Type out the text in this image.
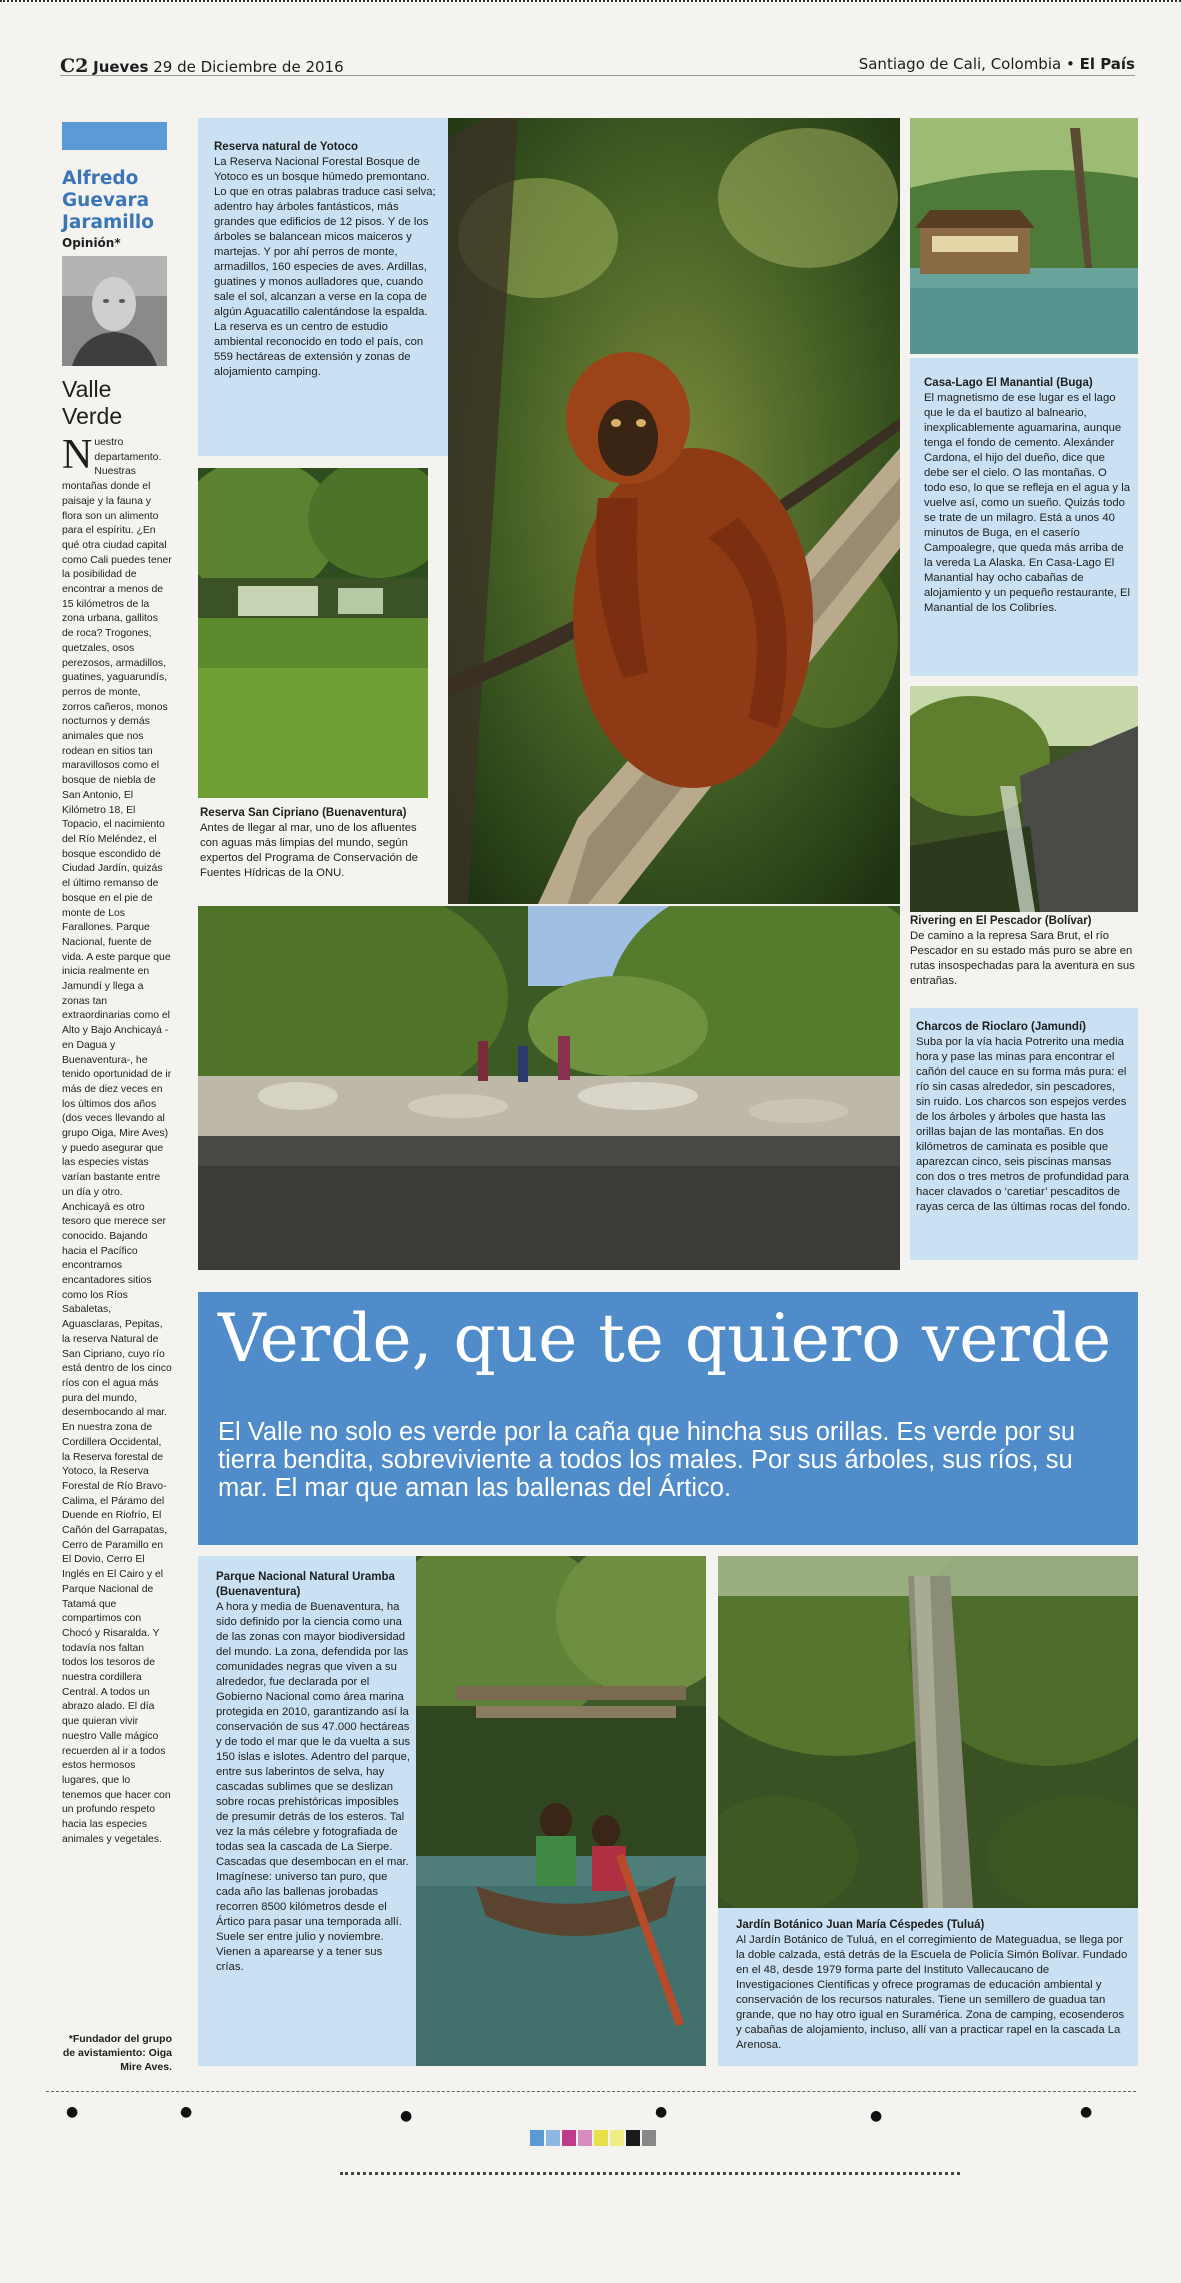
C2 Jueves 29 de Diciembre de 2016	Santiago de Cali, Colombia • El País
Alfredo Guevara Jaramillo
Opinión*
Valle Verde
Nuestro departamento. Nuestras montañas donde el paisaje y la fauna y flora son un alimento para el espíritu. ¿En qué otra ciudad capital como Cali puedes tener la posibilidad de encontrar a menos de 15 kilómetros de la zona urbana, gallitos de roca? Trogones, quetzales, osos perezosos, armadillos, guatines, yaguarundís, perros de monte, zorros cañeros, monos nocturnos y demás animales que nos rodean en sitios tan maravillosos como el bosque de niebla de San Antonio, El Kilómetro 18, El Topacio, el nacimiento del Río Meléndez, el bosque escondido de Ciudad Jardín, quizás el último remanso de bosque en el pie de monte de Los Farallones. Parque Nacional, fuente de vida. A este parque que inicia realmente en Jamundí y llega a zonas tan extraordinarias como el Alto y Bajo Anchicayá -en Dagua y Buenaventura-, he tenido oportunidad de ir más de diez veces en los últimos dos años (dos veces llevando al grupo Oiga, Mire Aves) y puedo asegurar que las especies vistas varían bastante entre un día y otro. Anchicayá es otro tesoro que merece ser conocido. Bajando hacia el Pacífico encontramos encantadores sitios como los Ríos Sabaletas, Aguasclaras, Pepitas, la reserva Natural de San Cipriano, cuyo río está dentro de los cinco ríos con el agua más pura del mundo, desembocando al mar. En nuestra zona de Cordillera Occidental, la Reserva forestal de Yotoco, la Reserva Forestal de Río Bravo- Calima, el Páramo del Duende en Riofrío, El Cañón del Garrapatas, Cerro de Paramillo en El Dovio, Cerro El Inglés en El Cairo y el Parque Nacional de Tatamá que compartimos con Chocó y Risaralda. Y todavía nos faltan todos los tesoros de nuestra cordillera Central. A todos un abrazo alado. El día que quieran vivir nuestro Valle mágico recuerden al ir a todos estos hermosos lugares, que lo tenemos que hacer con un profundo respeto hacia las especies animales y vegetales.
*Fundador del grupo de avistamiento: Oiga Mire Aves.
Reserva natural de Yotoco
La Reserva Nacional Forestal Bosque de Yotoco es un bosque húmedo premontano. Lo que en otras palabras traduce casi selva; adentro hay árboles fantásticos, más grandes que edificios de 12 pisos. Y de los árboles se balancean micos maiceros y martejas. Y por ahí perros de monte, armadillos, 160 especies de aves. Ardillas, guatines y monos aulladores que, cuando sale el sol, alcanzan a verse en la copa de algún Aguacatillo calentándose la espalda. La reserva es un centro de estudio ambiental reconocido en todo el país, con 559 hectáreas de extensión y zonas de alojamiento camping.
Casa-Lago El Manantial (Buga)
El magnetismo de ese lugar es el lago que le da el bautizo al balneario, inexplicablemente aguamarina, aunque tenga el fondo de cemento. Alexánder Cardona, el hijo del dueño, dice que debe ser el cielo. O las montañas. O todo eso, lo que se refleja en el agua y la vuelve así, como un sueño. Quizás todo se trate de un milagro. Está a unos 40 minutos de Buga, en el caserío Campoalegre, que queda más arriba de la vereda La Alaska. En Casa-Lago El Manantial hay ocho cabañas de alojamiento y un pequeño restaurante, El Manantial de los Colibríes.
Reserva San Cipriano (Buenaventura)
Antes de llegar al mar, uno de los afluentes con aguas más limpias del mundo, según expertos del Programa de Conservación de Fuentes Hídricas de la ONU.
Rivering en El Pescador (Bolívar)
De camino a la represa Sara Brut, el río Pescador en su estado más puro se abre en rutas insospechadas para la aventura en sus entrañas.
Charcos de Rioclaro (Jamundí)
Suba por la vía hacia Potrerito una media hora y pase las minas para encontrar el cañón del cauce en su forma más pura: el río sin casas alrededor, sin pescadores, sin ruido. Los charcos son espejos verdes de los árboles y árboles que hasta las orillas bajan de las montañas. En dos kilómetros de caminata es posible que aparezcan cinco, seis piscinas mansas con dos o tres metros de profundidad para hacer clavados o ‘caretiar’ pescaditos de rayas cerca de las últimas rocas del fondo.
Verde, que te quiero verde
El Valle no solo es verde por la caña que hincha sus orillas. Es verde por su tierra bendita, sobreviviente a todos los males. Por sus árboles, sus ríos, su mar. El mar que aman las ballenas del Ártico.
Parque Nacional Natural Uramba (Buenaventura)
A hora y media de Buenaventura, ha sido definido por la ciencia como una de las zonas con mayor biodiversidad del mundo. La zona, defendida por las comunidades negras que viven a su alrededor, fue declarada por el Gobierno Nacional como área marina protegida en 2010, garantizando así la conservación de sus 47.000 hectáreas y de todo el mar que le da vuelta a sus 150 islas e islotes. Adentro del parque, entre sus laberintos de selva, hay cascadas sublimes que se deslizan sobre rocas prehistóricas imposibles de presumir detrás de los esteros. Tal vez la más célebre y fotografiada de todas sea la cascada de La Sierpe. Cascadas que desembocan en el mar. Imagínese: universo tan puro, que cada año las ballenas jorobadas recorren 8500 kilómetros desde el Ártico para pasar una temporada allí. Suele ser entre julio y noviembre. Vienen a aparearse y a tener sus crías.
Jardín Botánico Juan María Céspedes (Tuluá)
Al Jardín Botánico de Tuluá, en el corregimiento de Mateguadua, se llega por la doble calzada, está detrás de la Escuela de Policía Simón Bolívar. Fundado en el 48, desde 1979 forma parte del Instituto Vallecaucano de Investigaciones Científicas y ofrece programas de educación ambiental y conservación de los recursos naturales. Tiene un semillero de guadua tan grande, que no hay otro igual en Suramérica. Zona de camping, ecosenderos y cabañas de alojamiento, incluso, allí van a practicar rapel en la cascada La Arenosa.
●	●	●	●	●	●
